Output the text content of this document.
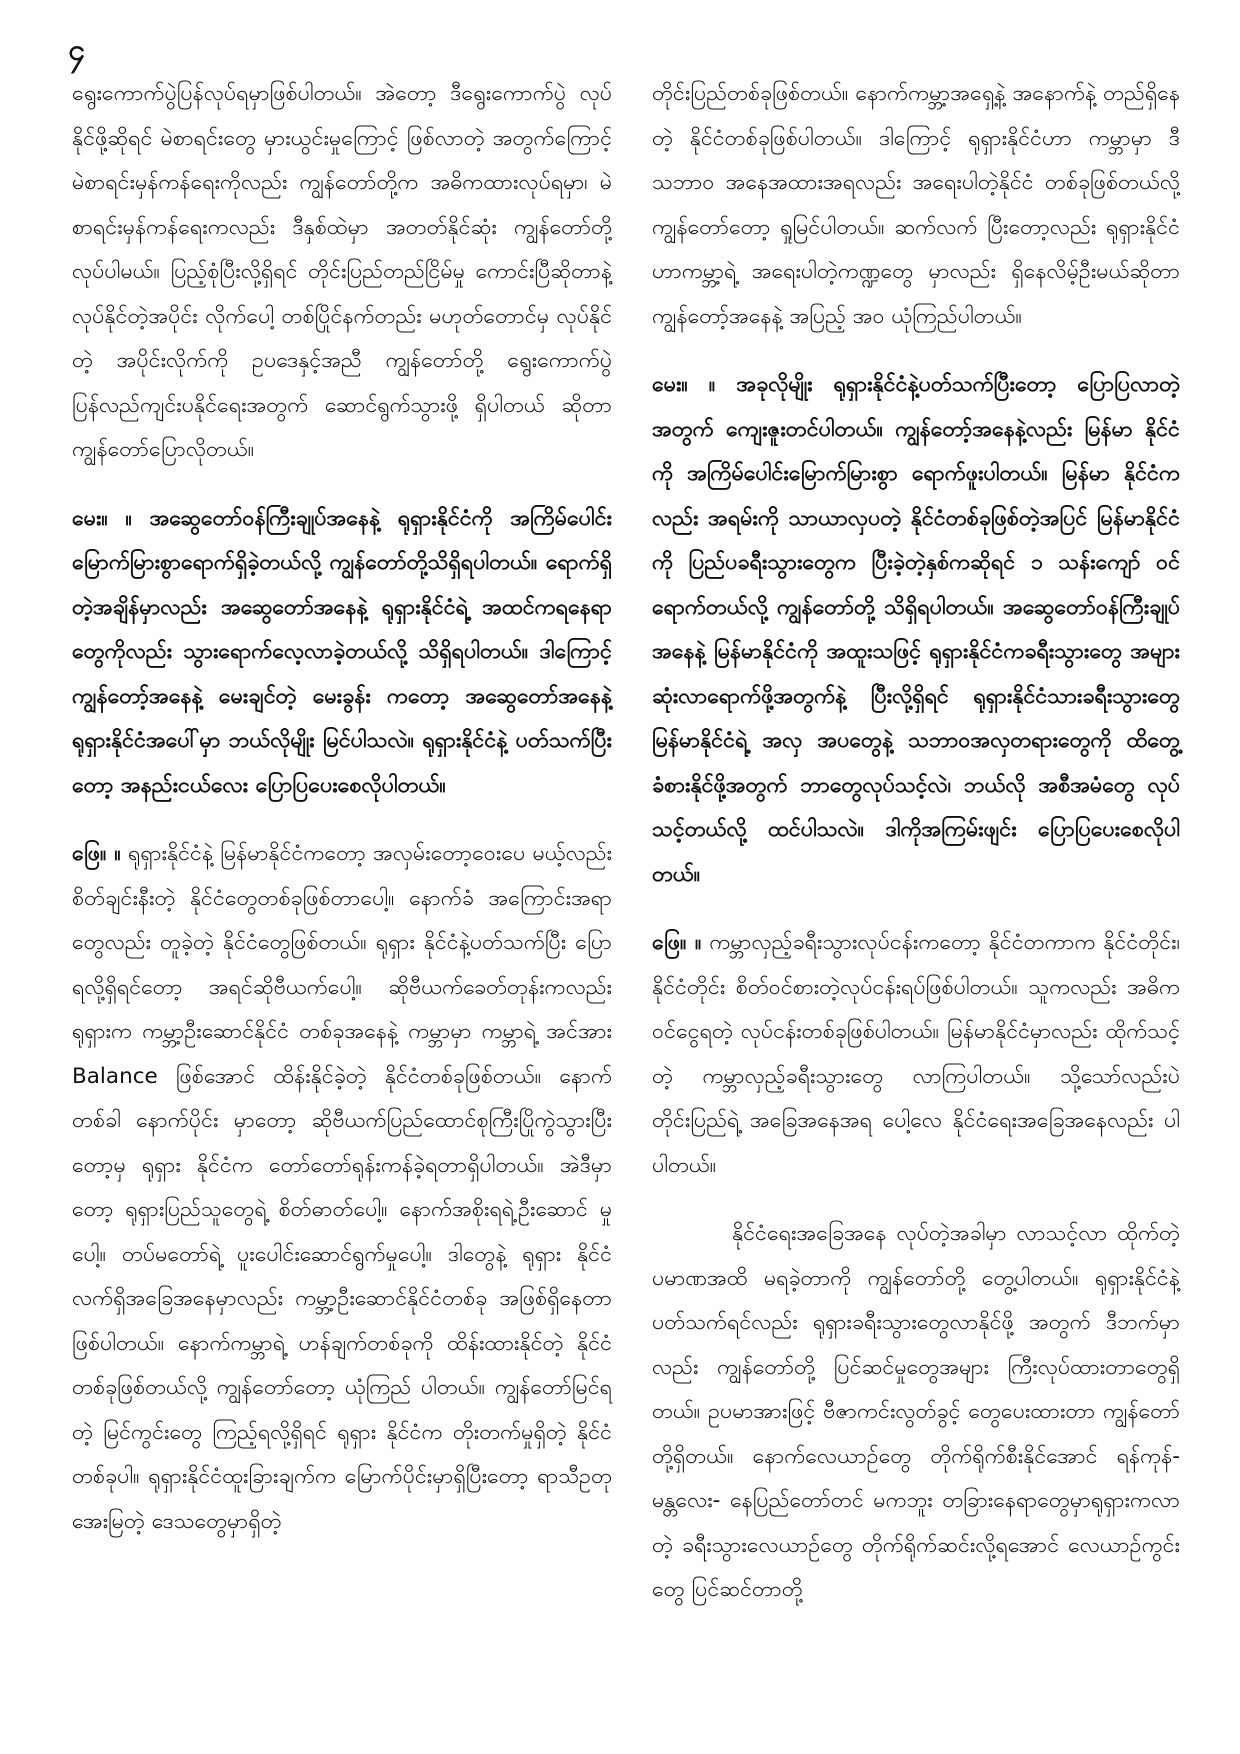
၄

ရွေးကောက်ပွဲပြန်လုပ်ရမှာဖြစ်ပါတယ်။ အဲတော့ ဒီရွေးကောက်ပွဲ လုပ်နိုင်ဖို့ဆိုရင် မဲစာရင်းတွေ မှားယွင်းမှုကြောင့် ဖြစ်လာတဲ့ အတွက်ကြောင့် မဲစာရင်းမှန်ကန်ရေးကိုလည်း ကျွန်တော်တို့က အဓိကထားလုပ်ရမှာ၊ မဲစာရင်းမှန်ကန်ရေးကလည်း ဒီနှစ်ထဲမှာ အတတ်နိုင်ဆုံး ကျွန်တော်တို့လုပ်ပါမယ်။ ပြည့်စုံပြီးလို့ရှိရင် တိုင်းပြည်တည်ငြိမ်မှု ကောင်းပြီဆိုတာနဲ့ လုပ်နိုင်တဲ့အပိုင်း လိုက်ပေါ့ တစ်ပြိုင်နက်တည်း မဟုတ်တောင်မှ လုပ်နိုင်တဲ့ အပိုင်းလိုက်ကို ဥပဒေနှင့်အညီ ကျွန်တော်တို့ ရွေးကောက်ပွဲ ပြန်လည်ကျင်းပနိုင်ရေးအတွက် ဆောင်ရွက်သွားဖို့ ရှိပါတယ် ဆိုတာ ကျွန်တော်ပြောလိုတယ်။

မေး။ ။ အဆွေတော်ဝန်ကြီးချုပ်အနေနဲ့ ရုရှားနိုင်ငံကို အကြိမ်ပေါင်း မြောက်မြားစွာရောက်ရှိခဲ့တယ်လို့ ကျွန်တော်တို့သိရှိရပါတယ်။ ရောက်ရှိတဲ့အချိန်မှာလည်း အဆွေတော်အနေနဲ့ ရုရှားနိုင်ငံရဲ့ အထင်ကရနေရာတွေကိုလည်း သွားရောက်လေ့လာခဲ့တယ်လို့ သိရှိရပါတယ်။ ဒါကြောင့် ကျွန်တော့်အနေနဲ့ မေးချင်တဲ့ မေးခွန်း ကတော့ အဆွေတော်အနေနဲ့ ရုရှားနိုင်ငံအပေါ်မှာ ဘယ်လိုမျိုး မြင်ပါသလဲ။ ရုရှားနိုင်ငံနဲ့ ပတ်သက်ပြီးတော့ အနည်းငယ်လေး ပြောပြပေးစေလိုပါတယ်။

ဖြေ။ ။ ရုရှားနိုင်ငံနဲ့ မြန်မာနိုင်ငံကတော့ အလှမ်းတော့ဝေးပေ မယ့်လည်း စိတ်ချင်းနီးတဲ့ နိုင်ငံတွေတစ်ခုဖြစ်တာပေါ့။ နောက်ခံ အကြောင်းအရာတွေလည်း တူခဲ့တဲ့ နိုင်ငံတွေဖြစ်တယ်။ ရုရှား နိုင်ငံနဲ့ပတ်သက်ပြီး ပြောရလို့ရှိရင်တော့ အရင်ဆိုဗီယက်ပေါ့။ ဆိုဗီယက်ခေတ်တုန်းကလည်း ရုရှားက ကမ္ဘာ့ဦးဆောင်နိုင်ငံ တစ်ခုအနေနဲ့ ကမ္ဘာမှာ ကမ္ဘာရဲ့ အင်အား Balance ဖြစ်အောင် ထိန်းနိုင်ခဲ့တဲ့ နိုင်ငံတစ်ခုဖြစ်တယ်။ နောက်တစ်ခါ နောက်ပိုင်း မှာတော့ ဆိုဗီယက်ပြည်ထောင်စုကြီးပြိုကွဲသွားပြီးတော့မှ ရုရှား နိုင်ငံက တော်တော်ရုန်းကန်ခဲ့ရတာရှိပါတယ်။ အဲဒီမှာတော့ ရုရှားပြည်သူတွေရဲ့ စိတ်ဓာတ်ပေါ့။ နောက်အစိုးရရဲ့ဦးဆောင် မှုပေါ့။ တပ်မတော်ရဲ့ ပူးပေါင်းဆောင်ရွက်မှုပေါ့။ ဒါတွေနဲ့ ရုရှား နိုင်ငံလက်ရှိအခြေအနေမှာလည်း ကမ္ဘာ့ဦးဆောင်နိုင်ငံတစ်ခု အဖြစ်ရှိနေတာဖြစ်ပါတယ်။ နောက်ကမ္ဘာရဲ့ ဟန်ချက်တစ်ခုကို ထိန်းထားနိုင်တဲ့ နိုင်ငံတစ်ခုဖြစ်တယ်လို့ ကျွန်တော်တော့ ယုံကြည် ပါတယ်။ ကျွန်တော်မြင်ရတဲ့ မြင်ကွင်းတွေ ကြည့်ရလို့ရှိရင် ရုရှား နိုင်ငံက တိုးတက်မှုရှိတဲ့ နိုင်ငံတစ်ခုပါ။ ရုရှားနိုင်ငံထူးခြားချက်က မြောက်ပိုင်းမှာရှိပြီးတော့ ရာသီဥတုအေးမြတဲ့ ဒေသတွေမှာရှိတဲ့

တိုင်းပြည်တစ်ခုဖြစ်တယ်။ နောက်ကမ္ဘာ့အရှေ့နဲ့ အနောက်နဲ့ တည်ရှိနေတဲ့ နိုင်ငံတစ်ခုဖြစ်ပါတယ်။ ဒါကြောင့် ရုရှားနိုင်ငံဟာ ကမ္ဘာမှာ ဒီသဘာဝ အနေအထားအရလည်း အရေးပါတဲ့နိုင်ငံ တစ်ခုဖြစ်တယ်လို့ ကျွန်တော်တော့ ရှုမြင်ပါတယ်။ ဆက်လက် ပြီးတော့လည်း ရုရှားနိုင်ငံဟာကမ္ဘာ့ရဲ့ အရေးပါတဲ့ကဏ္ဍတွေ မှာလည်း ရှိနေလိမ့်ဦးမယ်ဆိုတာ ကျွန်တော့်အနေနဲ့ အပြည့် အဝ ယုံကြည်ပါတယ်။

မေး။ ။ အခုလိုမျိုး ရုရှားနိုင်ငံနဲ့ပတ်သက်ပြီးတော့ ပြောပြလာတဲ့ အတွက် ကျေးဇူးတင်ပါတယ်။ ကျွန်တော့်အနေနဲ့လည်း မြန်မာ နိုင်ငံကို အကြိမ်ပေါင်းမြောက်မြားစွာ ရောက်ဖူးပါတယ်။ မြန်မာ နိုင်ငံကလည်း အရမ်းကို သာယာလှပတဲ့ နိုင်ငံတစ်ခုဖြစ်တဲ့အပြင် မြန်မာနိုင်ငံကို ပြည်ပခရီးသွားတွေက ပြီးခဲ့တဲ့နှစ်ကဆိုရင် ၁ သန်းကျော် ဝင်ရောက်တယ်လို့ ကျွန်တော်တို့ သိရှိရပါတယ်။ အဆွေတော်ဝန်ကြီးချုပ်အနေနဲ့ မြန်မာနိုင်ငံကို အထူးသဖြင့် ရုရှားနိုင်ငံကခရီးသွားတွေ အများဆုံးလာရောက်ဖို့အတွက်နဲ့ ပြီးလို့ရှိရင် ရုရှားနိုင်ငံသားခရီးသွားတွေ မြန်မာနိုင်ငံရဲ့ အလှ အပတွေနဲ့ သဘာဝအလှတရားတွေကို ထိတွေ့ခံစားနိုင်ဖို့အတွက် ဘာတွေလုပ်သင့်လဲ၊ ဘယ်လို အစီအမံတွေ လုပ်သင့်တယ်လို့ ထင်ပါသလဲ။ ဒါကိုအကြမ်းဖျင်း ပြောပြပေးစေလိုပါတယ်။

ဖြေ။ ။ ကမ္ဘာလှည့်ခရီးသွားလုပ်ငန်းကတော့ နိုင်ငံတကာက နိုင်ငံတိုင်း၊ နိုင်ငံတိုင်း စိတ်ဝင်စားတဲ့လုပ်ငန်းရပ်ဖြစ်ပါတယ်။ သူကလည်း အဓိကဝင်ငွေရတဲ့ လုပ်ငန်းတစ်ခုဖြစ်ပါတယ်။ မြန်မာနိုင်ငံမှာလည်း ထိုက်သင့်တဲ့ ကမ္ဘာလှည့်ခရီးသွားတွေ လာကြပါတယ်။ သို့သော်လည်းပဲ တိုင်းပြည်ရဲ့ အခြေအနေအရ ပေါ့လေ နိုင်ငံရေးအခြေအနေလည်း ပါပါတယ်။

နိုင်ငံရေးအခြေအနေ လုပ်တဲ့အခါမှာ လာသင့်လာ ထိုက်တဲ့ ပမာဏအထိ မရခဲ့တာကို ကျွန်တော်တို့ တွေ့ပါတယ်။ ရုရှားနိုင်ငံနဲ့ ပတ်သက်ရင်လည်း ရုရှားခရီးသွားတွေလာနိုင်ဖို့ အတွက် ဒီဘက်မှာလည်း ကျွန်တော်တို့ ပြင်ဆင်မှုတွေအများ ကြီးလုပ်ထားတာတွေရှိတယ်။ ဥပမာအားဖြင့် ဗီဇာကင်းလွတ်ခွင့် တွေပေးထားတာ ကျွန်တော်တို့ရှိတယ်။ နောက်လေယာဉ်တွေ တိုက်ရိုက်စီးနိုင်အောင် ရန်ကုန်-မန္တလေး- နေပြည်တော်တင် မကဘူး တခြားနေရာတွေမှာရုရှားကလာတဲ့ ခရီးသွားလေယာဉ်တွေ တိုက်ရိုက်ဆင်းလို့ရအောင် လေယာဉ်ကွင်းတွေ ပြင်ဆင်တာတို့
